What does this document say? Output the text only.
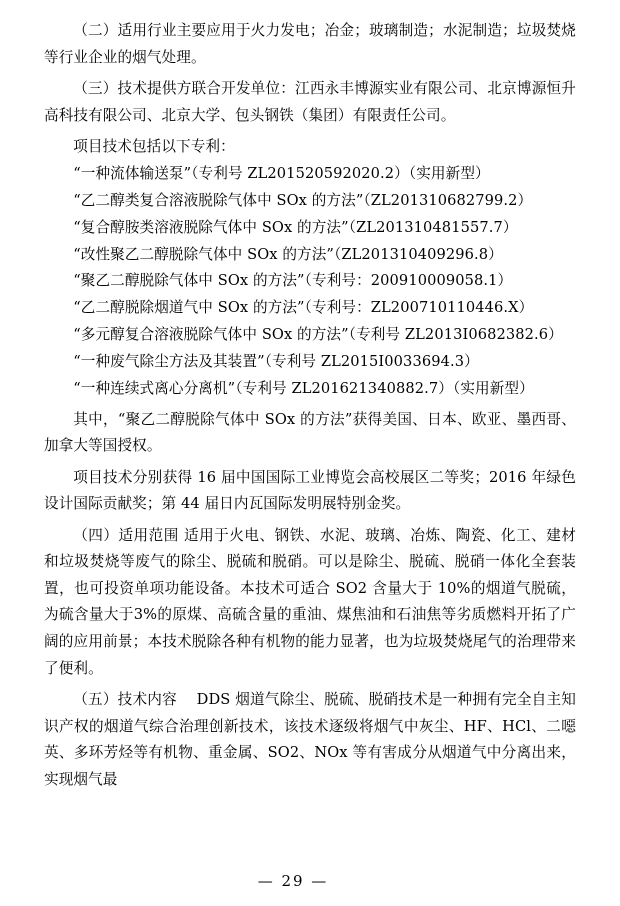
（二）适用行业主要应用于火力发电；冶金；玻璃制造；水泥制造；垃圾焚烧等行业企业的烟气处理。

（三）技术提供方联合开发单位：江西永丰博源实业有限公司、北京博源恒升高科技有限公司、北京大学、包头钢铁（集团）有限责任公司。

项目技术包括以下专利：

“一种流体输送泵”（专利号 ZL201520592020.2）（实用新型）

“乙二醇类复合溶液脱除气体中 SOx 的方法”（ZL201310682799.2）

“复合醇胺类溶液脱除气体中 SOx 的方法”（ZL201310481557.7）

“改性聚乙二醇脱除气体中 SOx 的方法”（ZL201310409296.8）

“聚乙二醇脱除气体中 SOx 的方法”（专利号：200910009058.1）

“乙二醇脱除烟道气中 SOx 的方法”（专利号：ZL200710110446.X）

“多元醇复合溶液脱除气体中 SOx 的方法”（专利号 ZL2013I0682382.6）

“一种废气除尘方法及其装置”（专利号 ZL2015I0033694.3）

“一种连续式离心分离机”（专利号 ZL201621340882.7）（实用新型）

其中，“聚乙二醇脱除气体中 SOx 的方法”获得美国、日本、欧亚、墨西哥、加拿大等国授权。

项目技术分别获得 16 届中国国际工业博览会高校展区二等奖；2016 年绿色设计国际贡献奖；第 44 届日内瓦国际发明展特别金奖。

（四）适用范围 适用于火电、钢铁、水泥、玻璃、冶炼、陶瓷、化工、建材和垃圾焚烧等废气的除尘、脱硫和脱硝。可以是除尘、脱硫、脱硝一体化全套装置，也可投资单项功能设备。本技术可适合 SO2 含量大于 10%的烟道气脱硫，为硫含量大于3%的原煤、高硫含量的重油、煤焦油和石油焦等劣质燃料开拓了广阔的应用前景；本技术脱除各种有机物的能力显著，也为垃圾焚烧尾气的治理带来了便利。

（五）技术内容　 DDS 烟道气除尘、脱硫、脱硝技术是一种拥有完全自主知识产权的烟道气综合治理创新技术，该技术逐级将烟气中灰尘、HF、HCl、二噁英、多环芳烃等有机物、重金属、SO2、NOx 等有害成分从烟道气中分离出来，实现烟气最

— 29 —
